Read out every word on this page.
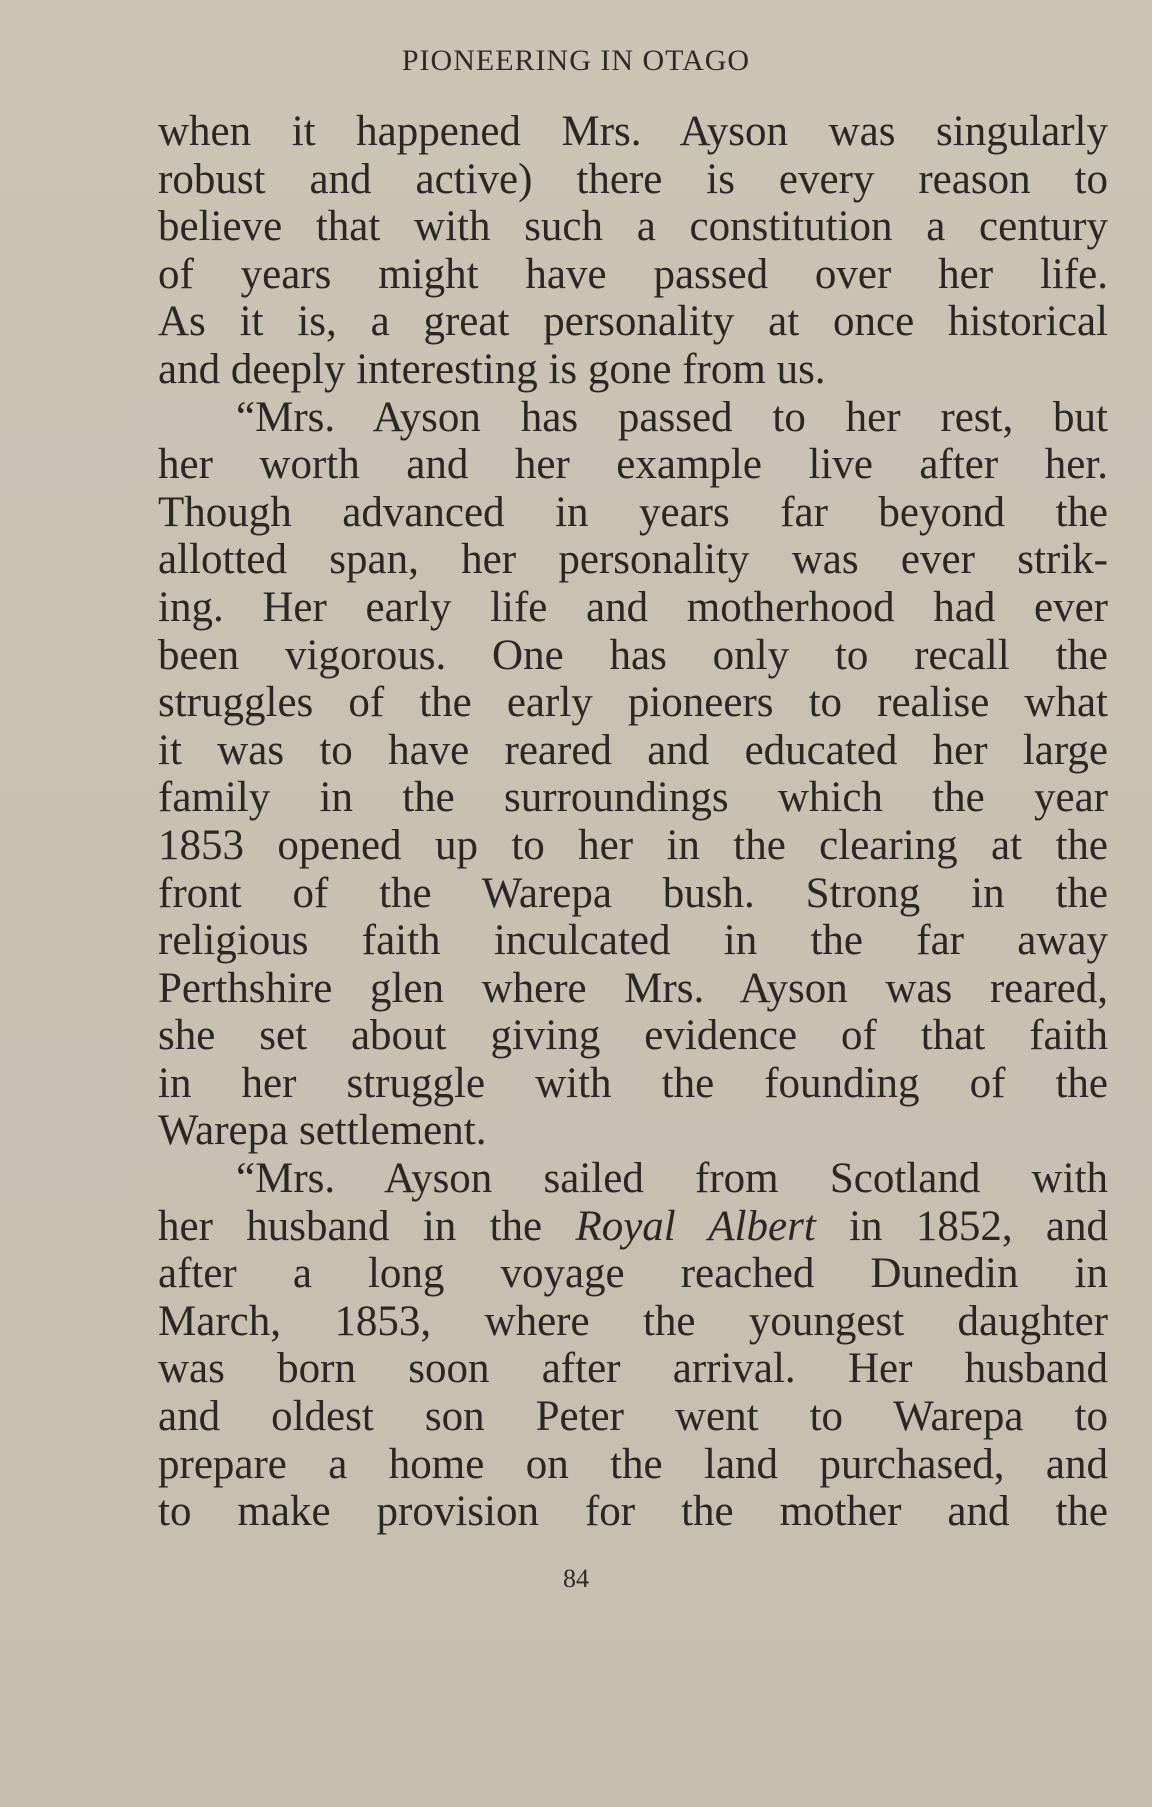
PIONEERING IN OTAGO
when it happened Mrs. Ayson was singularly
robust and active) there is every reason to
believe that with such a constitution a century
of years might have passed over her life.
As it is, a great personality at once historical
and deeply interesting is gone from us.
“Mrs. Ayson has passed to her rest, but
her worth and her example live after her.
Though advanced in years far beyond the
allotted span, her personality was ever strik-
ing. Her early life and motherhood had ever
been vigorous. One has only to recall the
struggles of the early pioneers to realise what
it was to have reared and educated her large
family in the surroundings which the year
1853 opened up to her in the clearing at the
front of the Warepa bush. Strong in the
religious faith inculcated in the far away
Perthshire glen where Mrs. Ayson was reared,
she set about giving evidence of that faith
in her struggle with the founding of the
Warepa settlement.
“Mrs. Ayson sailed from Scotland with
her husband in the Royal Albert in 1852, and
after a long voyage reached Dunedin in
March, 1853, where the youngest daughter
was born soon after arrival. Her husband
and oldest son Peter went to Warepa to
prepare a home on the land purchased, and
to make provision for the mother and the
84
